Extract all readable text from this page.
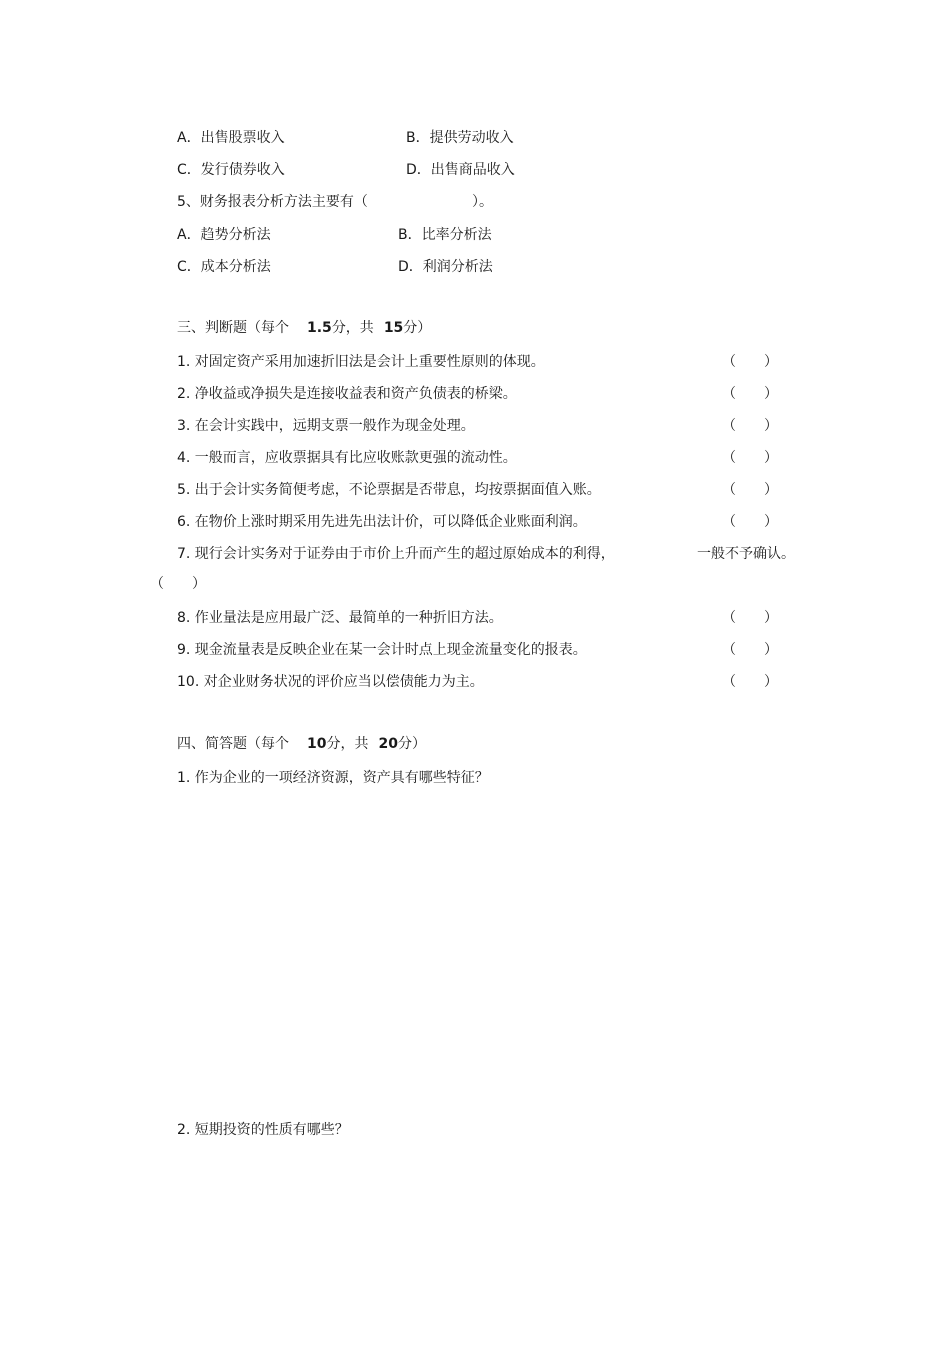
A．出售股票收入	B．提供劳动收入
C．发行债券收入	D．出售商品收入
5、财务报表分析方法主要有（	）。
A．趋势分析法	B．比率分析法
C．成本分析法	D．利润分析法
三、判断题（每个 1.5分，共 15分）
1. 对固定资产采用加速折旧法是会计上重要性原则的体现。	（　　）
2. 净收益或净损失是连接收益表和资产负债表的桥梁。	（　　）
3. 在会计实践中，远期支票一般作为现金处理。	（　　）
4. 一般而言，应收票据具有比应收账款更强的流动性。	（　　）
5. 出于会计实务简便考虑，不论票据是否带息，均按票据面值入账。	（　　）
6. 在物价上涨时期采用先进先出法计价，可以降低企业账面利润。	（　　）
7. 现行会计实务对于证券由于市价上升而产生的超过原始成本的利得，	一般不予确认。
（　　）
8. 作业量法是应用最广泛、最简单的一种折旧方法。	（　　）
9. 现金流量表是反映企业在某一会计时点上现金流量变化的报表。	（　　）
10. 对企业财务状况的评价应当以偿债能力为主。	（　　）
四、简答题（每个 10分，共 20分）
1. 作为企业的一项经济资源，资产具有哪些特征？
2. 短期投资的性质有哪些？
